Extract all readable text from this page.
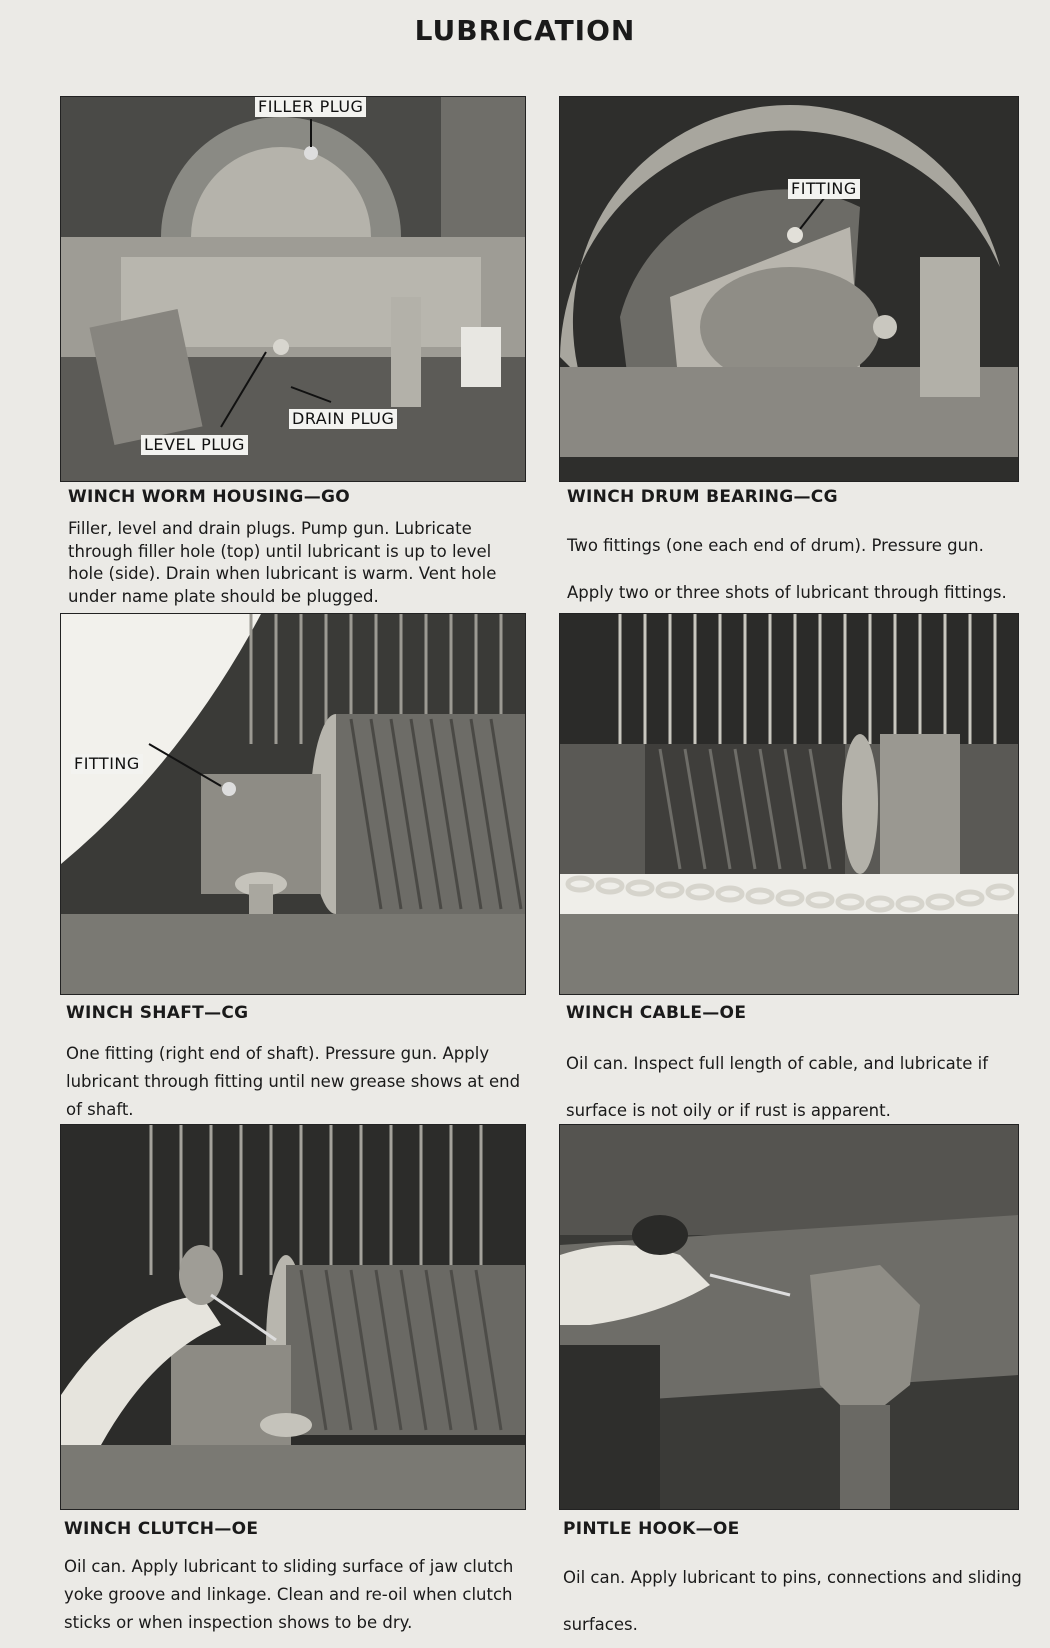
LUBRICATION
FILLER PLUG
LEVEL PLUG
DRAIN PLUG
WINCH WORM HOUSING—GO
Filler, level and drain plugs. Pump gun. Lubricate through filler hole (top) until lubricant is up to level hole (side). Drain when lubricant is warm. Vent hole under name plate should be plugged.
FITTING
WINCH DRUM BEARING—CG
Two fittings (one each end of drum). Pressure gun. Apply two or three shots of lubricant through fittings.
FITTING
WINCH SHAFT—CG
One fitting (right end of shaft). Pressure gun. Apply lubricant through fitting until new grease shows at end of shaft.
WINCH CABLE—OE
Oil can. Inspect full length of cable, and lubricate if surface is not oily or if rust is apparent.
WINCH CLUTCH—OE
Oil can. Apply lubricant to sliding surface of jaw clutch yoke groove and linkage. Clean and re-oil when clutch sticks or when inspection shows to be dry.
PINTLE HOOK—OE
Oil can. Apply lubricant to pins, connections and sliding surfaces.
